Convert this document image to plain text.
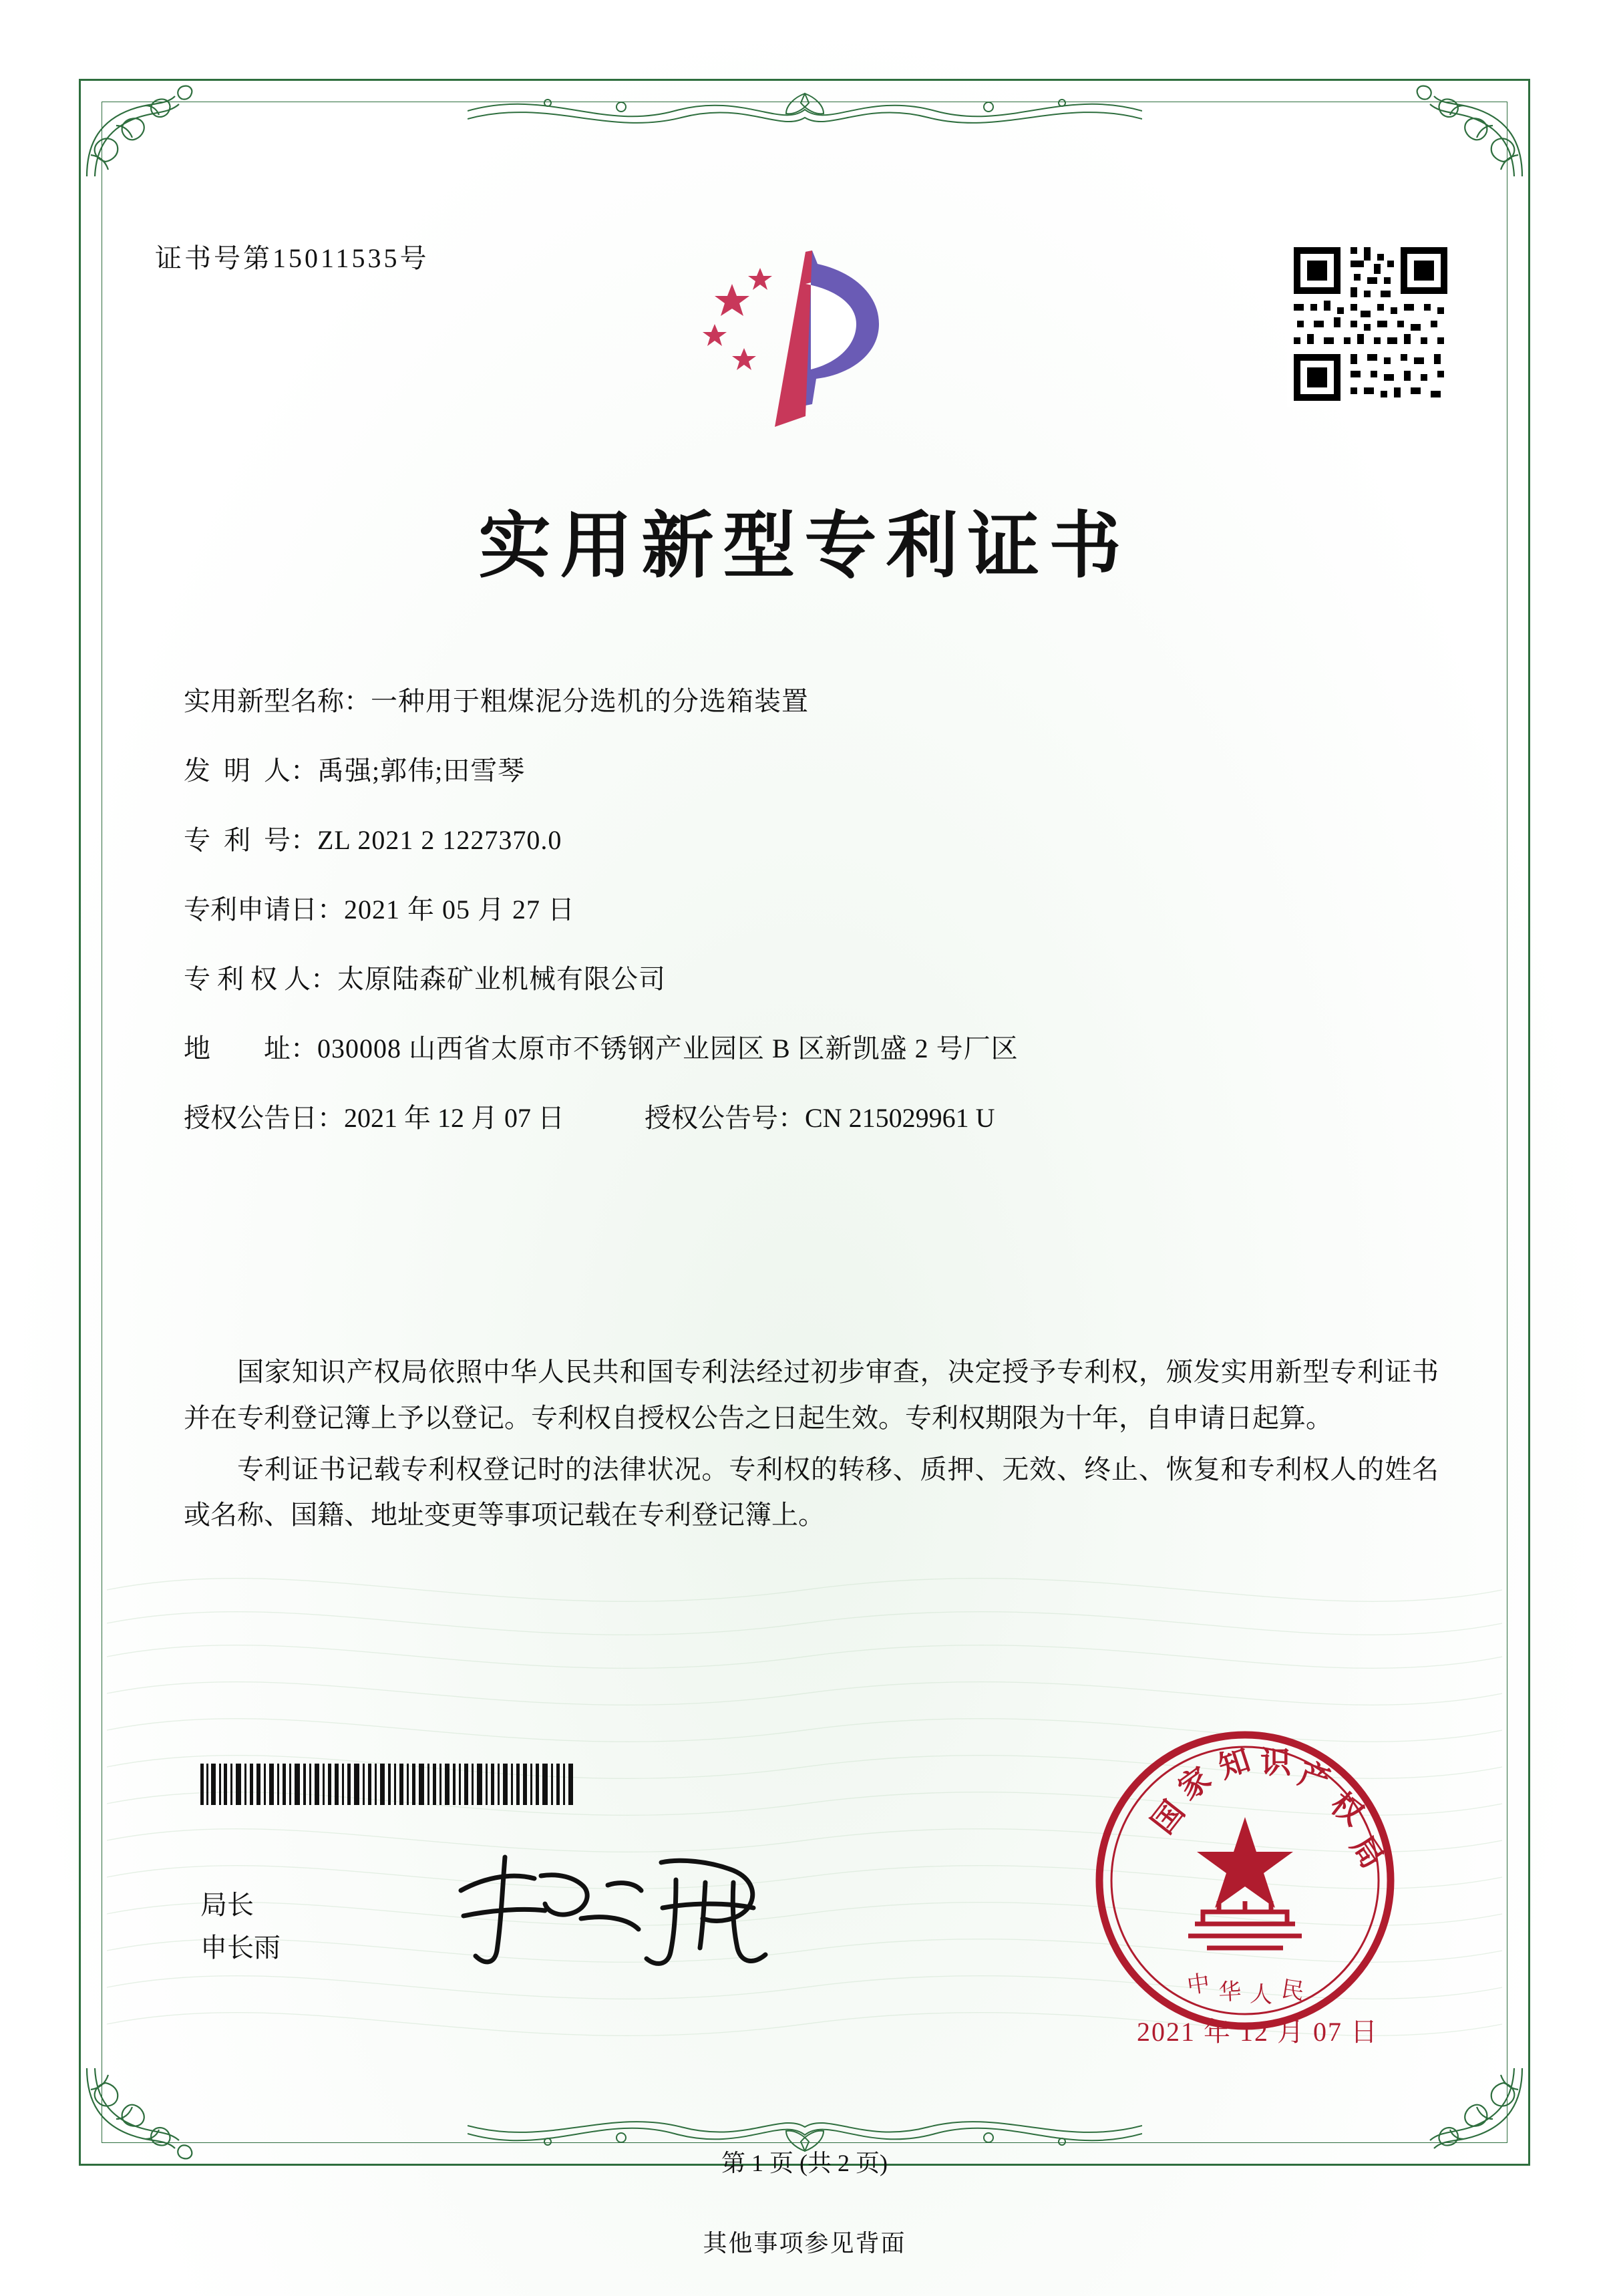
证书号第15011535号
实用新型专利证书
实用新型名称： 一种用于粗煤泥分选机的分选箱装置
发  明  人： 禹强;郭伟;田雪琴
专  利  号： ZL 2021 2 1227370.0
专利申请日： 2021 年 05 月 27 日
专 利 权 人： 太原陆森矿业机械有限公司
地        址： 030008 山西省太原市不锈钢产业园区 B 区新凯盛 2 号厂区
授权公告日： 2021 年 12 月 07 日	授权公告号： CN 215029961 U

国家知识产权局依照中华人民共和国专利法经过初步审查，决定授予专利权，颁发实用新型专利证书并在专利登记簿上予以登记。专利权自授权公告之日起生效。专利权期限为十年，自申请日起算。

专利证书记载专利权登记时的法律状况。专利权的转移、质押、无效、终止、恢复和专利权人的姓名或名称、国籍、地址变更等事项记载在专利登记簿上。

局长
申长雨
国
家
知 识 产
权
局
中 华 人 民
2021 年 12 月 07 日
第 1 页 (共 2 页)
其他事项参见背面
